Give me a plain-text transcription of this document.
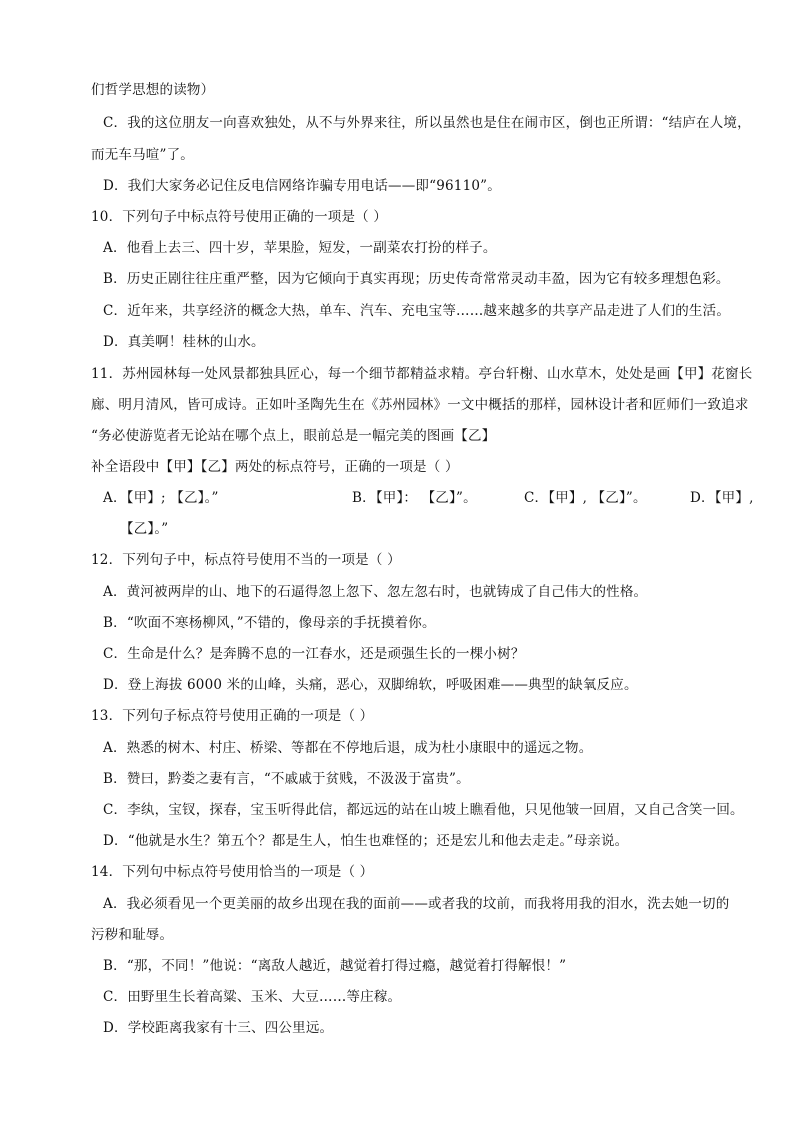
们哲学思想的读物）
C．我的这位朋友一向喜欢独处，从不与外界来往，所以虽然也是住在闹市区，倒也正所谓：“结庐在人境，
而无车马喧”了。
D．我们大家务必记住反电信网络诈骗专用电话——即“96110”。
10．下列句子中标点符号使用正确的一项是（ ）
A．他看上去三、四十岁，苹果脸，短发，一副菜农打扮的样子。
B．历史正剧往往庄重严整，因为它倾向于真实再现；历史传奇常常灵动丰盈，因为它有较多理想色彩。
C．近年来，共享经济的概念大热，单车、汽车、充电宝等……越来越多的共享产品走进了人们的生活。
D．真美啊！桂林的山水。
11．苏州园林每一处风景都独具匠心，每一个细节都精益求精。亭台轩榭、山水草木，处处是画【甲】花窗长
廊、明月清风，皆可成诗。正如叶圣陶先生在《苏州园林》一文中概括的那样，园林设计者和匠师们一致追求
“务必使游览者无论站在哪个点上，眼前总是一幅完美的图画【乙】
补全语段中【甲】【乙】两处的标点符号，正确的一项是（ ）
A．【甲】; 【乙】。”	B．【甲】： 【乙】”。	C．【甲】, 【乙】”。	D．【甲】,
【乙】。”
12．下列句子中，标点符号使用不当的一项是（ ）
A．黄河被两岸的山、地下的石逼得忽上忽下、忽左忽右时，也就铸成了自己伟大的性格。
B．“吹面不寒杨柳风，”不错的，像母亲的手抚摸着你。
C．生命是什么？是奔腾不息的一江春水，还是顽强生长的一棵小树？
D．登上海拔 6000 米的山峰，头痛，恶心，双脚绵软，呼吸困难——典型的缺氧反应。
13．下列句子标点符号使用正确的一项是（ ）
A．熟悉的树木、村庄、桥梁、等都在不停地后退，成为杜小康眼中的遥远之物。
B．赞曰，黔娄之妻有言，“不戚戚于贫贱，不汲汲于富贵”。
C．李纨，宝钗，探春，宝玉听得此信，都远远的站在山坡上瞧看他，只见他皱一回眉，又自己含笑一回。
D．“他就是水生？第五个？都是生人，怕生也难怪的；还是宏儿和他去走走。”母亲说。
14．下列句中标点符号使用恰当的一项是（ ）
A．我必须看见一个更美丽的故乡出现在我的面前——或者我的坟前，而我将用我的泪水，洗去她一切的
污秽和耻辱。
B．“那，不同！”他说：“离敌人越近，越觉着打得过瘾，越觉着打得解恨！”
C．田野里生长着高粱、玉米、大豆……等庄稼。
D．学校距离我家有十三、四公里远。
